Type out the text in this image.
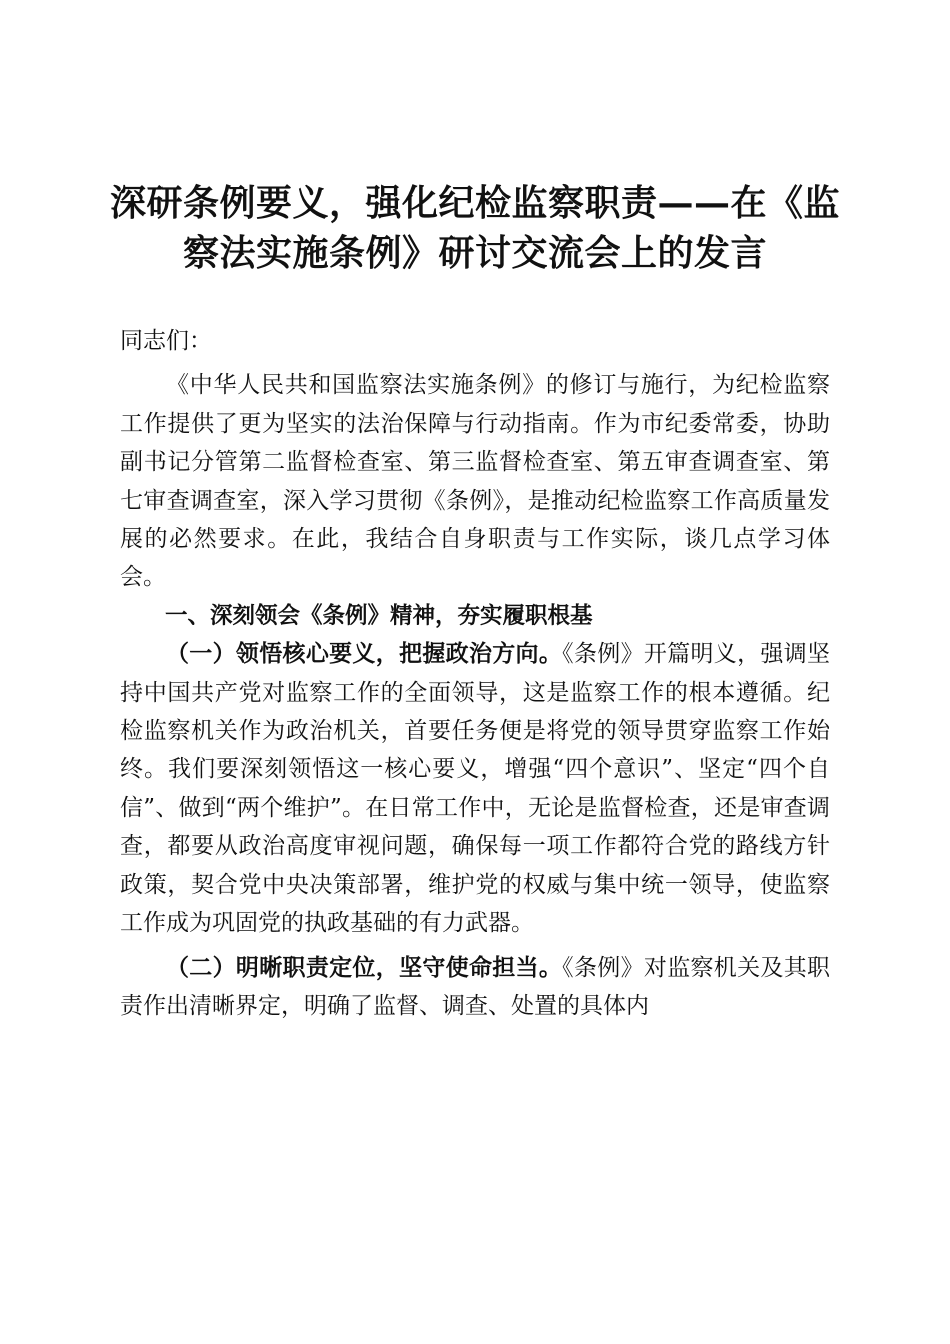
深研条例要义，强化纪检监察职责——在《监
察法实施条例》研讨交流会上的发言

同志们：

《中华人民共和国监察法实施条例》的修订与施行，为纪检监察工作提供了更为坚实的法治保障与行动指南。作为市纪委常委，协助副书记分管第二监督检查室、第三监督检查室、第五审查调查室、第七审查调查室，深入学习贯彻《条例》，是推动纪检监察工作高质量发展的必然要求。在此，我结合自身职责与工作实际，谈几点学习体会。

一、深刻领会《条例》精神，夯实履职根基

（一）领悟核心要义，把握政治方向。《条例》开篇明义，强调坚持中国共产党对监察工作的全面领导，这是监察工作的根本遵循。纪检监察机关作为政治机关，首要任务便是将党的领导贯穿监察工作始终。我们要深刻领悟这一核心要义，增强“四个意识”、坚定“四个自信”、做到“两个维护”。在日常工作中，无论是监督检查，还是审查调查，都要从政治高度审视问题，确保每一项工作都符合党的路线方针政策，契合党中央决策部署，维护党的权威与集中统一领导，使监察工作成为巩固党的执政基础的有力武器。

（二）明晰职责定位，坚守使命担当。《条例》对监察机关及其职责作出清晰界定，明确了监督、调查、处置的具体内
